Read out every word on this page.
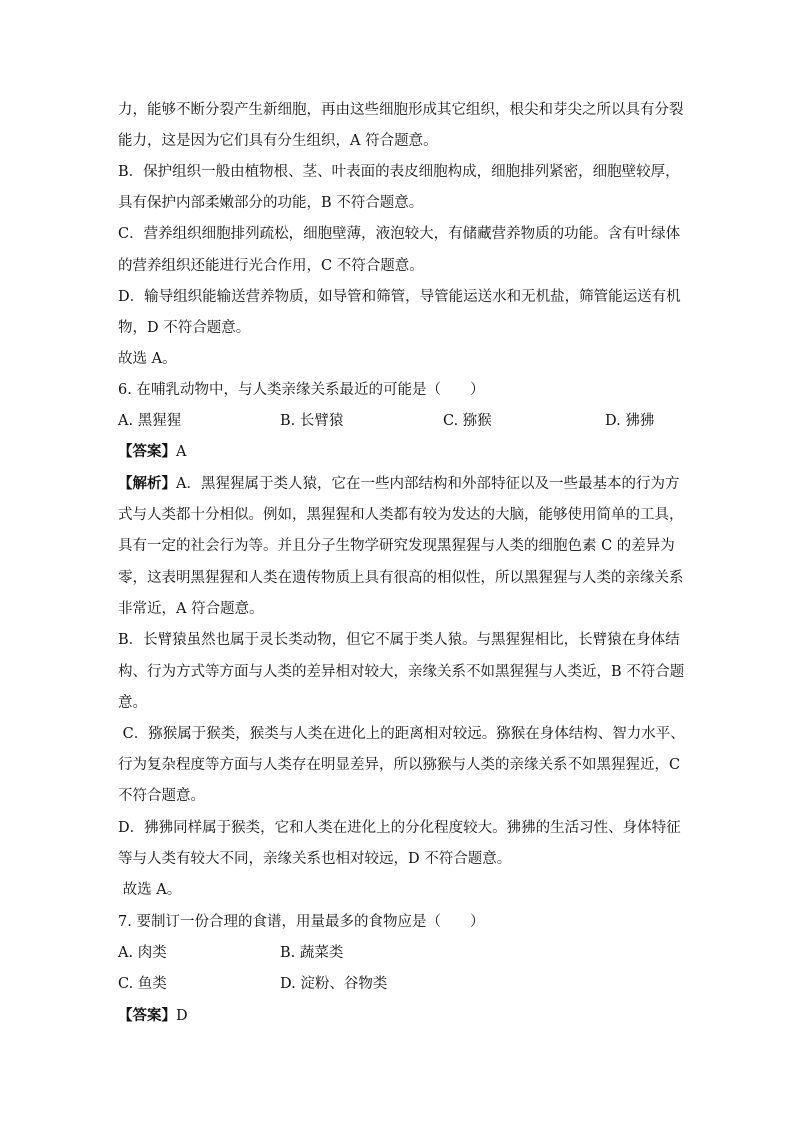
力，能够不断分裂产生新细胞，再由这些细胞形成其它组织，根尖和芽尖之所以具有分裂
能力，这是因为它们具有分生组织，A 符合题意。
B．保护组织一般由植物根、茎、叶表面的表皮细胞构成，细胞排列紧密，细胞壁较厚，
具有保护内部柔嫩部分的功能，B 不符合题意。
C．营养组织细胞排列疏松，细胞壁薄，液泡较大，有储藏营养物质的功能。含有叶绿体
的营养组织还能进行光合作用，C 不符合题意。
D．输导组织能输送营养物质，如导管和筛管，导管能运送水和无机盐，筛管能运送有机
物，D 不符合题意。
故选 A。
6. 在哺乳动物中，与人类亲缘关系最近的可能是（　　）
A. 黑猩猩	B. 长臂猿	C. 猕猴	D. 狒狒
【答案】A
【解析】A．黑猩猩属于类人猿，它在一些内部结构和外部特征以及一些最基本的行为方
式与人类都十分相似。例如，黑猩猩和人类都有较为发达的大脑，能够使用简单的工具，
具有一定的社会行为等。并且分子生物学研究发现黑猩猩与人类的细胞色素 C 的差异为
零，这表明黑猩猩和人类在遗传物质上具有很高的相似性，所以黑猩猩与人类的亲缘关系
非常近，A 符合题意。
B．长臂猿虽然也属于灵长类动物，但它不属于类人猿。与黑猩猩相比，长臂猿在身体结
构、行为方式等方面与人类的差异相对较大，亲缘关系不如黑猩猩与人类近，B 不符合题
意。
C．猕猴属于猴类，猴类与人类在进化上的距离相对较远。猕猴在身体结构、智力水平、
行为复杂程度等方面与人类存在明显差异，所以猕猴与人类的亲缘关系不如黑猩猩近，C
不符合题意。
D．狒狒同样属于猴类，它和人类在进化上的分化程度较大。狒狒的生活习性、身体特征
等与人类有较大不同，亲缘关系也相对较远，D 不符合题意。
故选 A。
7. 要制订一份合理的食谱，用量最多的食物应是（　　）
A. 肉类	B. 蔬菜类
C. 鱼类	D. 淀粉、谷物类
【答案】D
